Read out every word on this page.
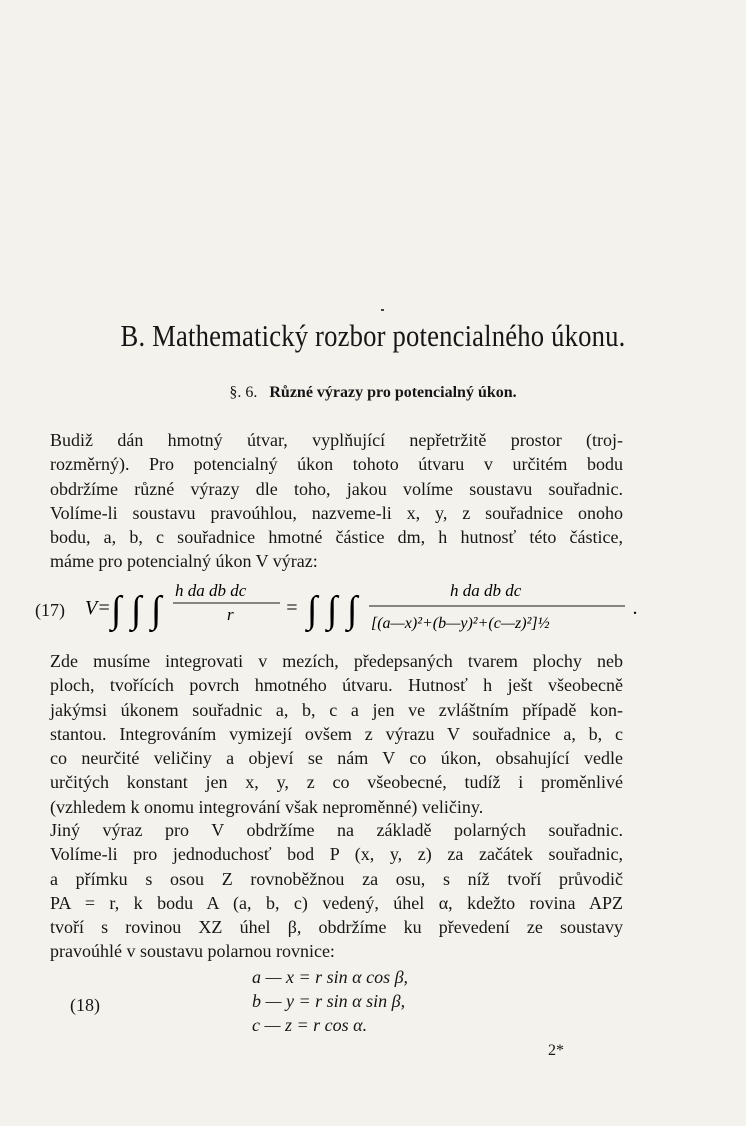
B. Mathematický rozbor potencialného úkonu.
§. 6. Různé výrazy pro potencialný úkon.
Budiž dán hmotný útvar, vyplňující nepřetržitě prostor (troj-
rozměrný). Pro potencialný úkon tohoto útvaru v určitém bodu
obdržíme různé výrazy dle toho, jakou volíme soustavu souřadnic.
Volíme-li soustavu pravoúhlou, nazveme-li x, y, z souřadnice onoho
bodu, a, b, c souřadnice hmotné částice dm, h hutnosť této částice,
máme pro potencialný úkon V výraz:
(17) V= ∫ ∫ ∫ h da db dc
r	= ∫ ∫ ∫	h da db dc
[(a—x)²+(b—y)²+(c—z)²]½
.
Zde musíme integrovati v mezích, předepsaných tvarem plochy neb
ploch, tvořících povrch hmotného útvaru. Hutnosť h ješt všeobecně
jakýmsi úkonem souřadnic a, b, c a jen ve zvláštním případě kon-
stantou. Integrováním vymizejí ovšem z výrazu V souřadnice a, b, c
co neurčité veličiny a objeví se nám V co úkon, obsahující vedle
určitých konstant jen x, y, z co všeobecné, tudíž i proměnlivé
(vzhledem k onomu integrování však neproměnné) veličiny.
Jiný výraz pro V obdržíme na základě polarných souřadnic.
Volíme-li pro jednoduchosť bod P (x, y, z) za začátek souřadnic,
a přímku s osou Z rovnoběžnou za osu, s níž tvoří průvodič
PA = r, k bodu A (a, b, c) vedený, úhel α, kdežto rovina APZ
tvoří s rovinou XZ úhel β, obdržíme ku převedení ze soustavy
pravoúhlé v soustavu polarnou rovnice:
(18)
a — x = r sin α cos β,
b — y = r sin α sin β,
c — z = r cos α.
2*
